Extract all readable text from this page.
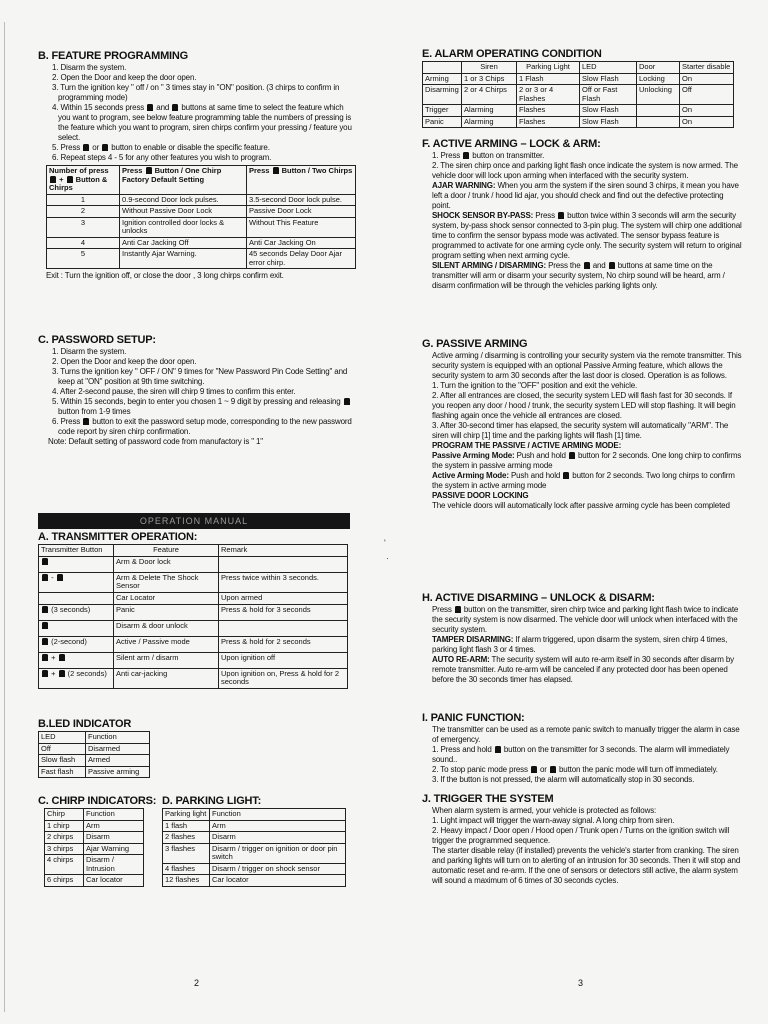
'
·
B. FEATURE PROGRAMMING
1. Disarm the system.
2. Open the Door and keep the door open.
3. Turn the ignition key " off / on " 3 times stay in "ON" position. (3 chirps to confirm in programming mode)
4. Within 15 seconds press  and  buttons at same time to select the feature which you want to program, see below feature programming table the numbers of pressing is the feature which you want to program, siren chirps confirm your pressing / feature you select.
5. Press  or  button to enable or disable the specific feature.
6. Repeat steps 4 - 5 for any other features you wish to program.
Number of press  +  Button & Chirps	Press  Button / One Chirp Factory Default Setting	Press  Button / Two Chirps
1	0.9-second Door lock pulses.	3.5-second Door lock pulse.
2	Without Passive Door Lock	Passive Door Lock
3	Ignition controlled door locks & unlocks	Without This Feature
4	Anti Car Jacking Off	Anti Car Jacking On
5	Instantly Ajar Warning.	45 seconds Delay Door Ajar error chirp.

Exit : Turn the ignition off, or close the door , 3 long chirps confirm exit.

C. PASSWORD SETUP:
1. Disarm the system.
2. Open the Door and keep the door open.
3. Turns the ignition key " OFF / ON" 9 times for "New Password Pin Code Setting" and keep at "ON" position at 9th time switching.
4. After 2-second pause, the siren will chirp 9 times to confirm this enter.
5. Within 15 seconds, begin to enter you chosen 1 ~ 9 digit by pressing and releasing  button from 1-9 times
6. Press  button to exit the password setup mode, corresponding to the new password code report by siren chirp confirmation.

Note: Default setting of password code from manufactory is " 1"

OPERATION MANUAL
A. TRANSMITTER OPERATION:
Transmitter Button	Feature	Remark
	Arm & Door lock	
-	Arm & Delete The Shock Sensor	Press twice within 3 seconds.
	Car Locator	Upon armed
(3 seconds)	Panic	Press & hold for 3 seconds
	Disarm & door unlock	
(2-second)	Active / Passive mode	Press & hold for 2 seconds
+	Silent arm / disarm	Upon ignition off
+  (2 seconds)	Anti car-jacking	Upon ignition on, Press & hold for 2 seconds
B.LED INDICATOR
LED	Function
Off	Disarmed
Slow flash	Armed
Fast flash	Passive arming
C. CHIRP INDICATORS:
Chirp	Function
1 chirp	Arm
2 chirps	Disarm
3 chirps	Ajar Warning
4 chirps	Disarm / Intrusion
6 chirps	Car locator
D. PARKING LIGHT:
Parking light	Function
1 flash	Arm
2 flashes	Disarm
3 flashes	Disarm / trigger on ignition or door pin switch
4 flashes	Disarm / trigger on shock sensor
12 flashes	Car locator
2
E. ALARM OPERATING CONDITION
	Siren	Parking Light	LED	Door	Starter disable
Arming	1 or 3 Chips	1 Flash	Slow Flash	Locking	On
Disarming	2 or 4 Chirps	2 or 3 or 4 Flashes	Off or Fast Flash	Unlocking	Off
Trigger	Alarming	Flashes	Slow Flash		On
Panic	Alarming	Flashes	Slow Flash		On
F. ACTIVE ARMING – LOCK & ARM:

1. Press  button on transmitter.

2. The siren chirp once and parking light flash once indicate the system is now armed. The vehicle door will lock upon arming when interfaced with the security system.

AJAR WARNING: When you arm the system if the siren sound 3 chirps, it mean you have left a door / trunk / hood lid ajar, you should check and find out the defective protecting point.

SHOCK SENSOR BY-PASS: Press  button twice within 3 seconds will arm the security system, by-pass shock sensor connected to 3-pin plug. The system will chirp one additional time to confirm the sensor bypass mode was activated. The sensor bypass feature is programmed to activate for one arming cycle only. The security system will return to original program setting when next arming cycle.

SILENT ARMING / DISARMING: Press the  and  buttons at same time on the transmitter will arm or disarm your security system, No chirp sound will be heard, arm / disarm confirmation will be through the vehicles parking lights only.

G. PASSIVE ARMING

Active arming / disarming is controlling your security system via the remote transmitter. This security system is equipped with an optional Passive Arming feature, which allows the security system to arm 30 seconds after the last door is closed. Operation is as follows.

1. Turn the ignition to the "OFF" position and exit the vehicle.

2. After all entrances are closed, the security system LED will flash fast for 30 seconds. If you reopen any door / hood / trunk, the security system LED will stop flashing. It will begin flashing again once the vehicle all entrances are closed.

3. After 30-second timer has elapsed, the security system will automatically "ARM". The siren will chirp [1] time and the parking lights will flash [1] time.

PROGRAM THE PASSIVE / ACTIVE ARMING MODE:

Passive Arming Mode: Push and hold  button for 2 seconds. One long chirp to confirms the system in passive arming mode

Active Arming Mode: Push and hold  button for 2 seconds. Two long chirps to confirm the system in active arming mode

PASSIVE DOOR LOCKING

The vehicle doors will automatically lock after passive arming cycle has been completed

H. ACTIVE DISARMING – UNLOCK & DISARM:

Press  button on the transmitter, siren chirp twice and parking light flash twice to indicate the security system is now disarmed. The vehicle door will unlock when interfaced with the security system.

TAMPER DISARMING: If alarm triggered, upon disarm the system, siren chirp 4 times, parking light flash 3 or 4 times.

AUTO RE-ARM: The security system will auto re-arm itself in 30 seconds after disarm by remote transmitter. Auto re-arm will be canceled if any protected door has been opened before the 30 seconds timer has elapsed.

I. PANIC FUNCTION:

The transmitter can be used as a remote panic switch to manually trigger the alarm in case of emergency.

1. Press and hold  button on the transmitter for 3 seconds. The alarm will immediately sound..

2. To stop panic mode press  or  button the panic mode will turn off immediately.

3. If the button is not pressed, the alarm will automatically stop in 30 seconds.

J. TRIGGER THE SYSTEM

When alarm system is armed, your vehicle is protected as follows:

1. Light impact will trigger the warn-away signal. A long chirp from siren.

2. Heavy impact / Door open / Hood open / Trunk open / Turns on the ignition switch will trigger the programmed sequence.

The starter disable relay (if installed) prevents the vehicle's starter from cranking. The siren and parking lights will turn on to alerting of an intrusion for 30 seconds. Then it will stop and automatic reset and re-arm. If the one of sensors or detectors still active, the alarm system will sound a maximum of 6 times of 30 seconds cycles.

3
